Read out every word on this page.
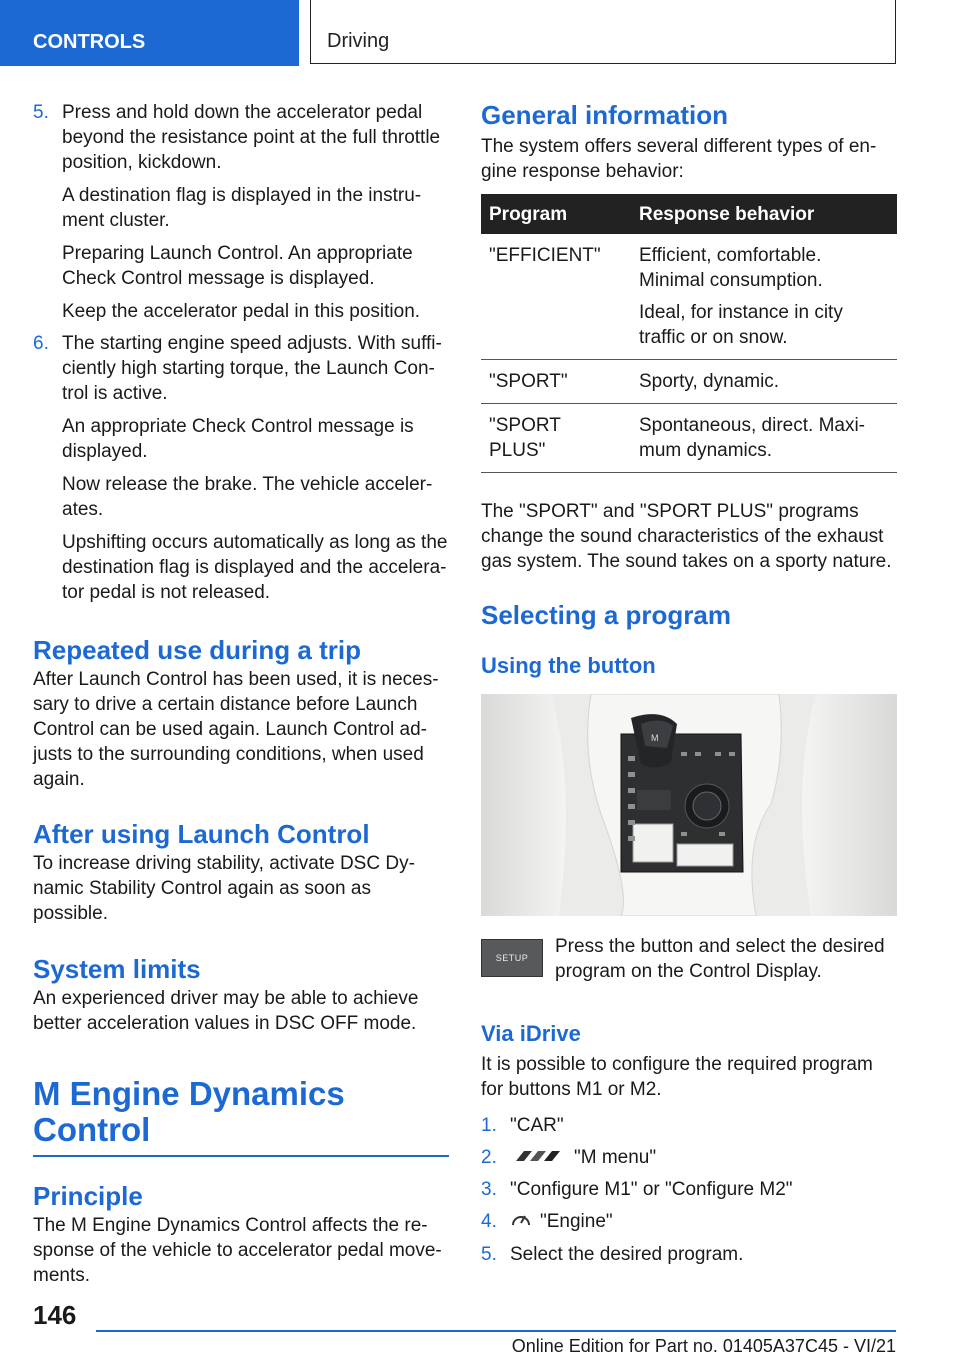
CONTROLS	Driving
5. Press and hold down the accelerator pedal beyond the resistance point at the full throttle position, kickdown.

A destination flag is displayed in the instru-ment cluster.

Preparing Launch Control. An appropriate Check Control message is displayed.

Keep the accelerator pedal in this position.

6. The starting engine speed adjusts. With suffi-ciently high starting torque, the Launch Con-trol is active.

An appropriate Check Control message is displayed.

Now release the brake. The vehicle acceler-ates.

Upshifting occurs automatically as long as the destination flag is displayed and the accelera-tor pedal is not released.

Repeated use during a trip

After Launch Control has been used, it is neces-sary to drive a certain distance before Launch Control can be used again. Launch Control ad-justs to the surrounding conditions, when used again.

After using Launch Control

To increase driving stability, activate DSC Dy-namic Stability Control again as soon as possible.

System limits

An experienced driver may be able to achieve better acceleration values in DSC OFF mode.

M Engine Dynamics
Control
Principle

The M Engine Dynamics Control affects the re-sponse of the vehicle to accelerator pedal move-ments.

General information

The system offers several different types of en-gine response behavior:

Program	Response behavior
"EFFICIENT"	Efficient, comfortable. Minimal consumption.

Ideal, for instance in city traffic or on snow.

"SPORT"	Sporty, dynamic.

"SPORT PLUS"	Spontaneous, direct. Maxi-mum dynamics.

The "SPORT" and "SPORT PLUS" programs change the sound characteristics of the exhaust gas system. The sound takes on a sporty nature.

Selecting a program
Using the button
M
SETUP

Press the button and select the desired program on the Control Display.

Via iDrive

It is possible to configure the required program for buttons M1 or M2.

1. "CAR"

2.	"M menu"

3. "Configure M1" or "Configure M2"

4.	"Engine"

5. Select the desired program.

146
Online Edition for Part no. 01405A37C45 - VI/21
